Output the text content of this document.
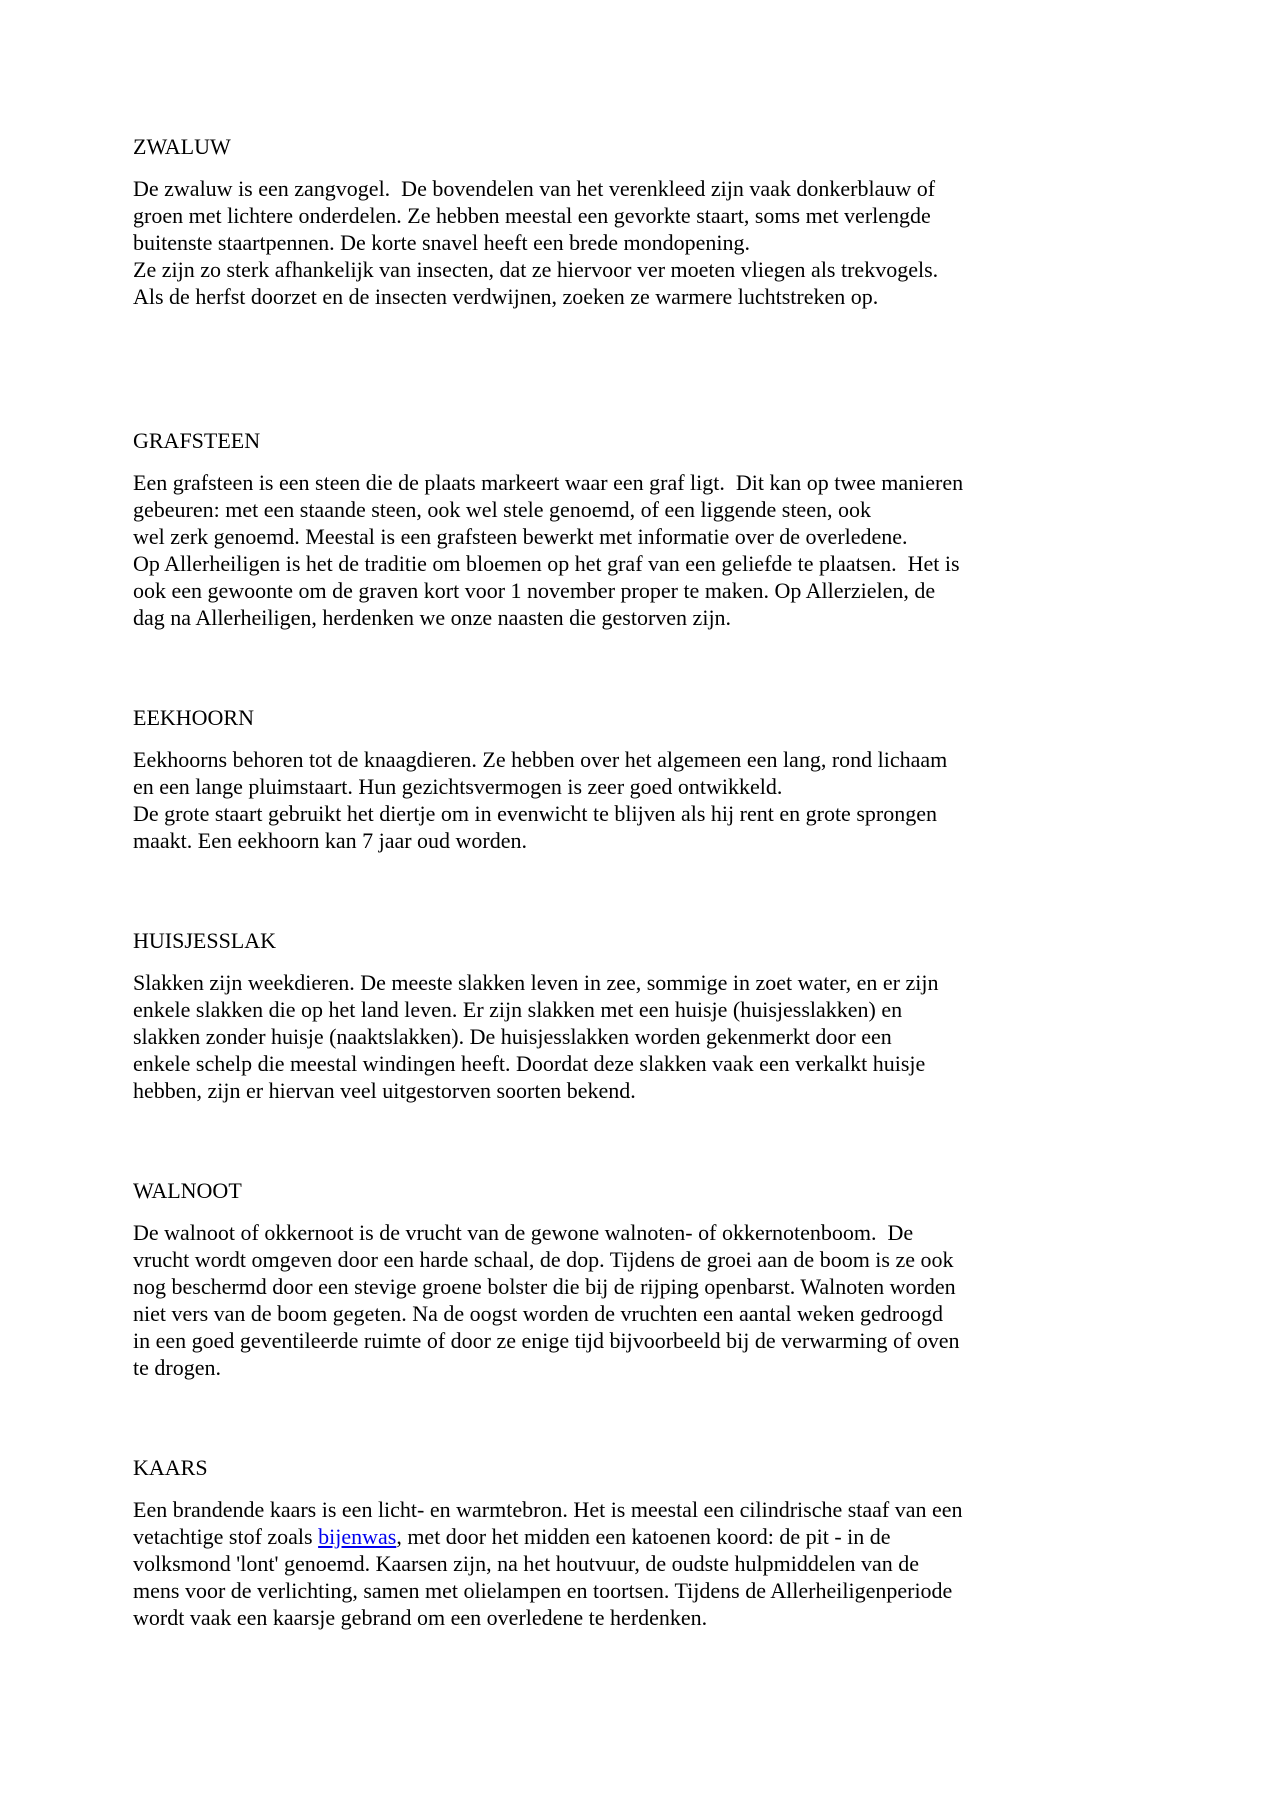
ZWALUW
De zwaluw is een zangvogel.  De bovendelen van het verenkleed zijn vaak donkerblauw of
groen met lichtere onderdelen. Ze hebben meestal een gevorkte staart, soms met verlengde
buitenste staartpennen. De korte snavel heeft een brede mondopening.
Ze zijn zo sterk afhankelijk van insecten, dat ze hiervoor ver moeten vliegen als trekvogels.
Als de herfst doorzet en de insecten verdwijnen, zoeken ze warmere luchtstreken op.
GRAFSTEEN
Een grafsteen is een steen die de plaats markeert waar een graf ligt.  Dit kan op twee manieren
gebeuren: met een staande steen, ook wel stele genoemd, of een liggende steen, ook
wel zerk genoemd. Meestal is een grafsteen bewerkt met informatie over de overledene.
Op Allerheiligen is het de traditie om bloemen op het graf van een geliefde te plaatsen.  Het is
ook een gewoonte om de graven kort voor 1 november proper te maken. Op Allerzielen, de
dag na Allerheiligen, herdenken we onze naasten die gestorven zijn.
EEKHOORN
Eekhoorns behoren tot de knaagdieren. Ze hebben over het algemeen een lang, rond lichaam
en een lange pluimstaart. Hun gezichtsvermogen is zeer goed ontwikkeld.
De grote staart gebruikt het diertje om in evenwicht te blijven als hij rent en grote sprongen
maakt. Een eekhoorn kan 7 jaar oud worden.
HUISJESSLAK
Slakken zijn weekdieren. De meeste slakken leven in zee, sommige in zoet water, en er zijn
enkele slakken die op het land leven. Er zijn slakken met een huisje (huisjesslakken) en
slakken zonder huisje (naaktslakken). De huisjesslakken worden gekenmerkt door een
enkele schelp die meestal windingen heeft. Doordat deze slakken vaak een verkalkt huisje
hebben, zijn er hiervan veel uitgestorven soorten bekend.
WALNOOT
De walnoot of okkernoot is de vrucht van de gewone walnoten- of okkernotenboom.  De
vrucht wordt omgeven door een harde schaal, de dop. Tijdens de groei aan de boom is ze ook
nog beschermd door een stevige groene bolster die bij de rijping openbarst. Walnoten worden
niet vers van de boom gegeten. Na de oogst worden de vruchten een aantal weken gedroogd
in een goed geventileerde ruimte of door ze enige tijd bijvoorbeeld bij de verwarming of oven
te drogen.
KAARS
Een brandende kaars is een licht- en warmtebron. Het is meestal een cilindrische staaf van een
vetachtige stof zoals bijenwas, met door het midden een katoenen koord: de pit - in de
volksmond 'lont' genoemd. Kaarsen zijn, na het houtvuur, de oudste hulpmiddelen van de
mens voor de verlichting, samen met olielampen en toortsen. Tijdens de Allerheiligenperiode
wordt vaak een kaarsje gebrand om een overledene te herdenken.
